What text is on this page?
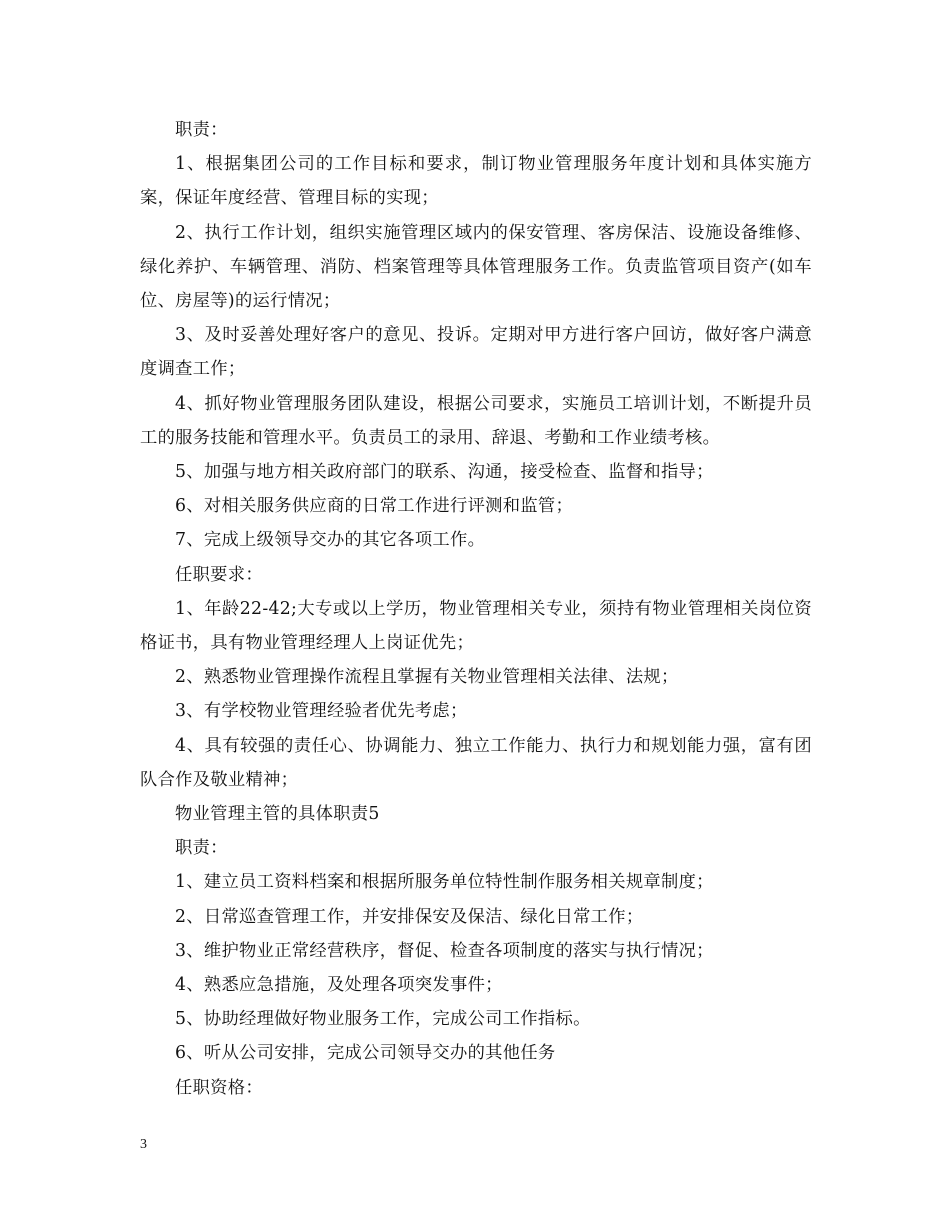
职责：

1、根据集团公司的工作目标和要求，制订物业管理服务年度计划和具体实施方案，保证年度经营、管理目标的实现；

2、执行工作计划，组织实施管理区域内的保安管理、客房保洁、设施设备维修、绿化养护、车辆管理、消防、档案管理等具体管理服务工作。负责监管项目资产(如车位、房屋等)的运行情况；

3、及时妥善处理好客户的意见、投诉。定期对甲方进行客户回访，做好客户满意度调查工作；

4、抓好物业管理服务团队建设，根据公司要求，实施员工培训计划，不断提升员工的服务技能和管理水平。负责员工的录用、辞退、考勤和工作业绩考核。

5、加强与地方相关政府部门的联系、沟通，接受检查、监督和指导；

6、对相关服务供应商的日常工作进行评测和监管；

7、完成上级领导交办的其它各项工作。

任职要求：

1、年龄22-42;大专或以上学历，物业管理相关专业，须持有物业管理相关岗位资格证书，具有物业管理经理人上岗证优先；

2、熟悉物业管理操作流程且掌握有关物业管理相关法律、法规；

3、有学校物业管理经验者优先考虑；

4、具有较强的责任心、协调能力、独立工作能力、执行力和规划能力强，富有团队合作及敬业精神；

物业管理主管的具体职责5

职责：

1、建立员工资料档案和根据所服务单位特性制作服务相关规章制度；

2、日常巡查管理工作，并安排保安及保洁、绿化日常工作；

3、维护物业正常经营秩序，督促、检查各项制度的落实与执行情况；

4、熟悉应急措施，及处理各项突发事件；

5、协助经理做好物业服务工作，完成公司工作指标。

6、听从公司安排，完成公司领导交办的其他任务

任职资格：

3
